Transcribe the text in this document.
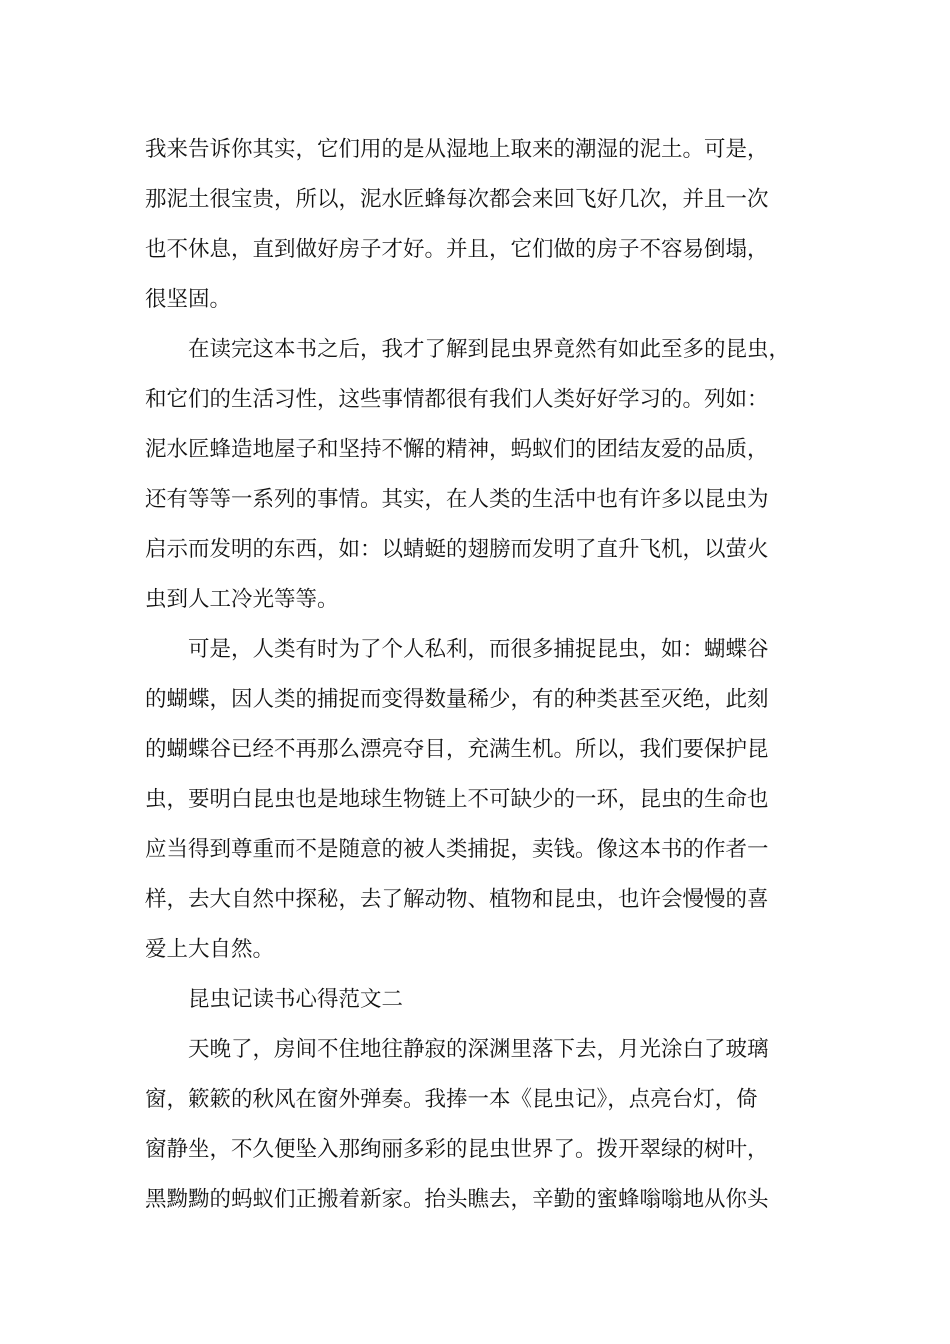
我来告诉你其实，它们用的是从湿地上取来的潮湿的泥土。可是，
那泥土很宝贵，所以，泥水匠蜂每次都会来回飞好几次，并且一次
也不休息，直到做好房子才好。并且，它们做的房子不容易倒塌，
很坚固。
在读完这本书之后，我才了解到昆虫界竟然有如此至多的昆虫，
和它们的生活习性，这些事情都很有我们人类好好学习的。列如：
泥水匠蜂造地屋子和坚持不懈的精神，蚂蚁们的团结友爱的品质，
还有等等一系列的事情。其实，在人类的生活中也有许多以昆虫为
启示而发明的东西，如：以蜻蜓的翅膀而发明了直升飞机，以萤火
虫到人工冷光等等。
可是，人类有时为了个人私利，而很多捕捉昆虫，如：蝴蝶谷
的蝴蝶，因人类的捕捉而变得数量稀少，有的种类甚至灭绝，此刻
的蝴蝶谷已经不再那么漂亮夺目，充满生机。所以，我们要保护昆
虫，要明白昆虫也是地球生物链上不可缺少的一环，昆虫的生命也
应当得到尊重而不是随意的被人类捕捉，卖钱。像这本书的作者一
样，去大自然中探秘，去了解动物、植物和昆虫，也许会慢慢的喜
爱上大自然。
昆虫记读书心得范文二
天晚了，房间不住地往静寂的深渊里落下去，月光涂白了玻璃
窗，簌簌的秋风在窗外弹奏。我捧一本《昆虫记》，点亮台灯，倚
窗静坐，不久便坠入那绚丽多彩的昆虫世界了。拨开翠绿的树叶，
黑黝黝的蚂蚁们正搬着新家。抬头瞧去，辛勤的蜜蜂嗡嗡地从你头
